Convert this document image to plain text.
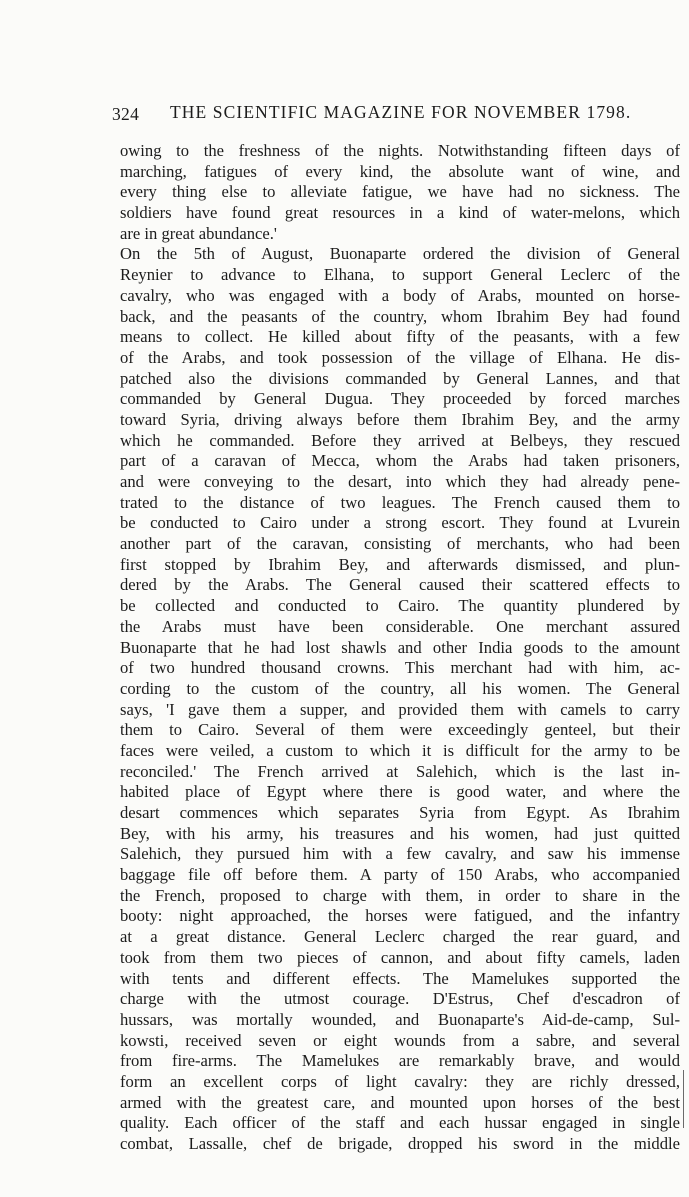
324 THE SCIENTIFIC MAGAZINE FOR NOVEMBER 1798.
owing to the freshness of the nights. Notwithstanding fifteen days of
marching, fatigues of every kind, the absolute want of wine, and
every thing else to alleviate fatigue, we have had no sickness. The
soldiers have found great resources in a kind of water-melons, which
are in great abundance.'
On the 5th of August, Buonaparte ordered the division of General
Reynier to advance to Elhana, to support General Leclerc of the
cavalry, who was engaged with a body of Arabs, mounted on horse-
back, and the peasants of the country, whom Ibrahim Bey had found
means to collect. He killed about fifty of the peasants, with a few
of the Arabs, and took possession of the village of Elhana. He dis-
patched also the divisions commanded by General Lannes, and that
commanded by General Dugua. They proceeded by forced marches
toward Syria, driving always before them Ibrahim Bey, and the army
which he commanded. Before they arrived at Belbeys, they rescued
part of a caravan of Mecca, whom the Arabs had taken prisoners,
and were conveying to the desart, into which they had already pene-
trated to the distance of two leagues. The French caused them to
be conducted to Cairo under a strong escort. They found at Lvurein
another part of the caravan, consisting of merchants, who had been
first stopped by Ibrahim Bey, and afterwards dismissed, and plun-
dered by the Arabs. The General caused their scattered effects to
be collected and conducted to Cairo. The quantity plundered by
the Arabs must have been considerable. One merchant assured
Buonaparte that he had lost shawls and other India goods to the amount
of two hundred thousand crowns. This merchant had with him, ac-
cording to the custom of the country, all his women. The General
says, 'I gave them a supper, and provided them with camels to carry
them to Cairo. Several of them were exceedingly genteel, but their
faces were veiled, a custom to which it is difficult for the army to be
reconciled.' The French arrived at Salehich, which is the last in-
habited place of Egypt where there is good water, and where the
desart commences which separates Syria from Egypt. As Ibrahim
Bey, with his army, his treasures and his women, had just quitted
Salehich, they pursued him with a few cavalry, and saw his immense
baggage file off before them. A party of 150 Arabs, who accompanied
the French, proposed to charge with them, in order to share in the
booty: night approached, the horses were fatigued, and the infantry
at a great distance. General Leclerc charged the rear guard, and
took from them two pieces of cannon, and about fifty camels, laden
with tents and different effects. The Mamelukes supported the
charge with the utmost courage. D'Estrus, Chef d'escadron of
hussars, was mortally wounded, and Buonaparte's Aid-de-camp, Sul-
kowsti, received seven or eight wounds from a sabre, and several
from fire-arms. The Mamelukes are remarkably brave, and would
form an excellent corps of light cavalry: they are richly dressed,
armed with the greatest care, and mounted upon horses of the best
quality. Each officer of the staff and each hussar engaged in single
combat, Lassalle, chef de brigade, dropped his sword in the middle
